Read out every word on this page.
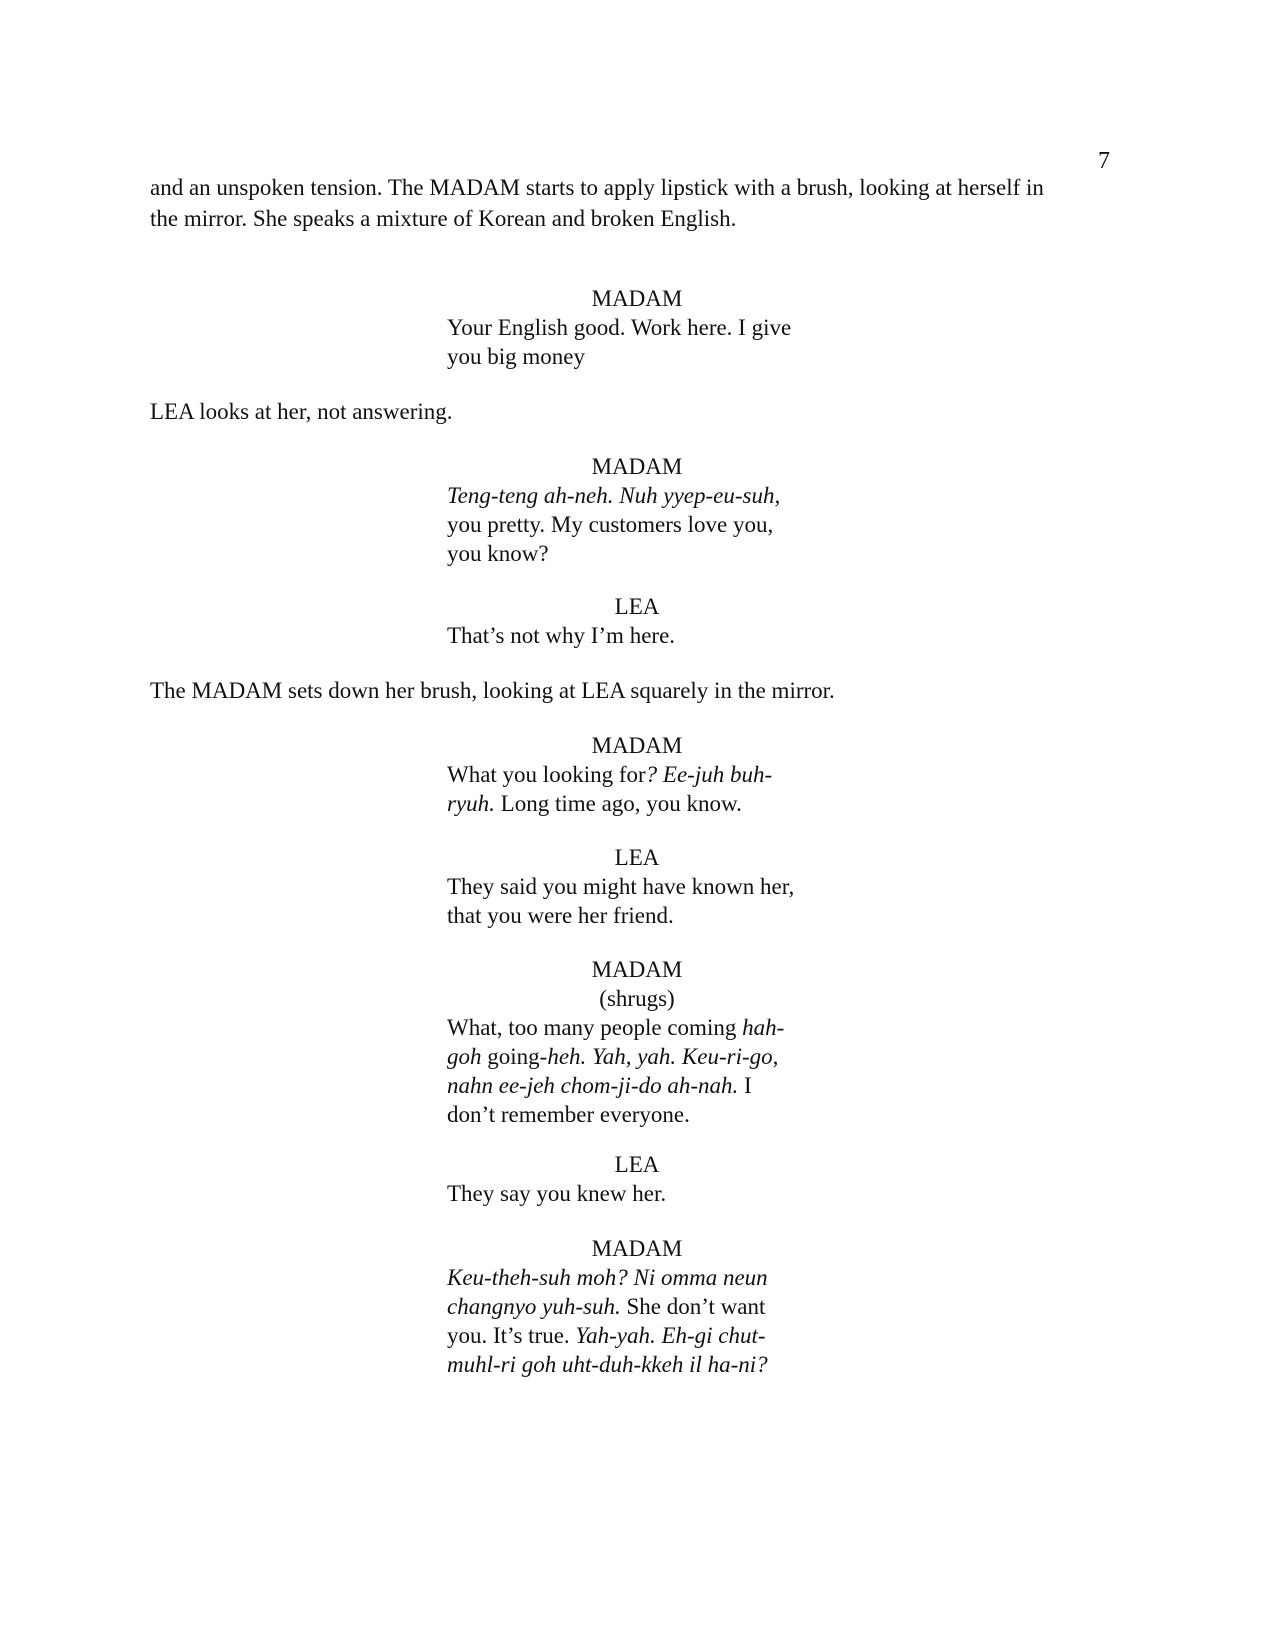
7
and an unspoken tension. The MADAM starts to apply lipstick with a brush, looking at herself in
the mirror. She speaks a mixture of Korean and broken English.
MADAM
Your English good. Work here. I give
you big money
LEA looks at her, not answering.
MADAM
Teng-teng ah-neh. Nuh yyep-eu-suh,
you pretty. My customers love you,
you know?
LEA
That’s not why I’m here.
The MADAM sets down her brush, looking at LEA squarely in the mirror.
MADAM
What you looking for? Ee-juh buh-
ryuh. Long time ago, you know.
LEA
They said you might have known her,
that you were her friend.
MADAM
(shrugs)
What, too many people coming hah-
goh going-heh. Yah, yah. Keu-ri-go,
nahn ee-jeh chom-ji-do ah-nah. I
don’t remember everyone.
LEA
They say you knew her.
MADAM
Keu-theh-suh moh? Ni omma neun
changnyo yuh-suh. She don’t want
you. It’s true. Yah-yah. Eh-gi chut-
muhl-ri goh uht-duh-kkeh il ha-ni?
